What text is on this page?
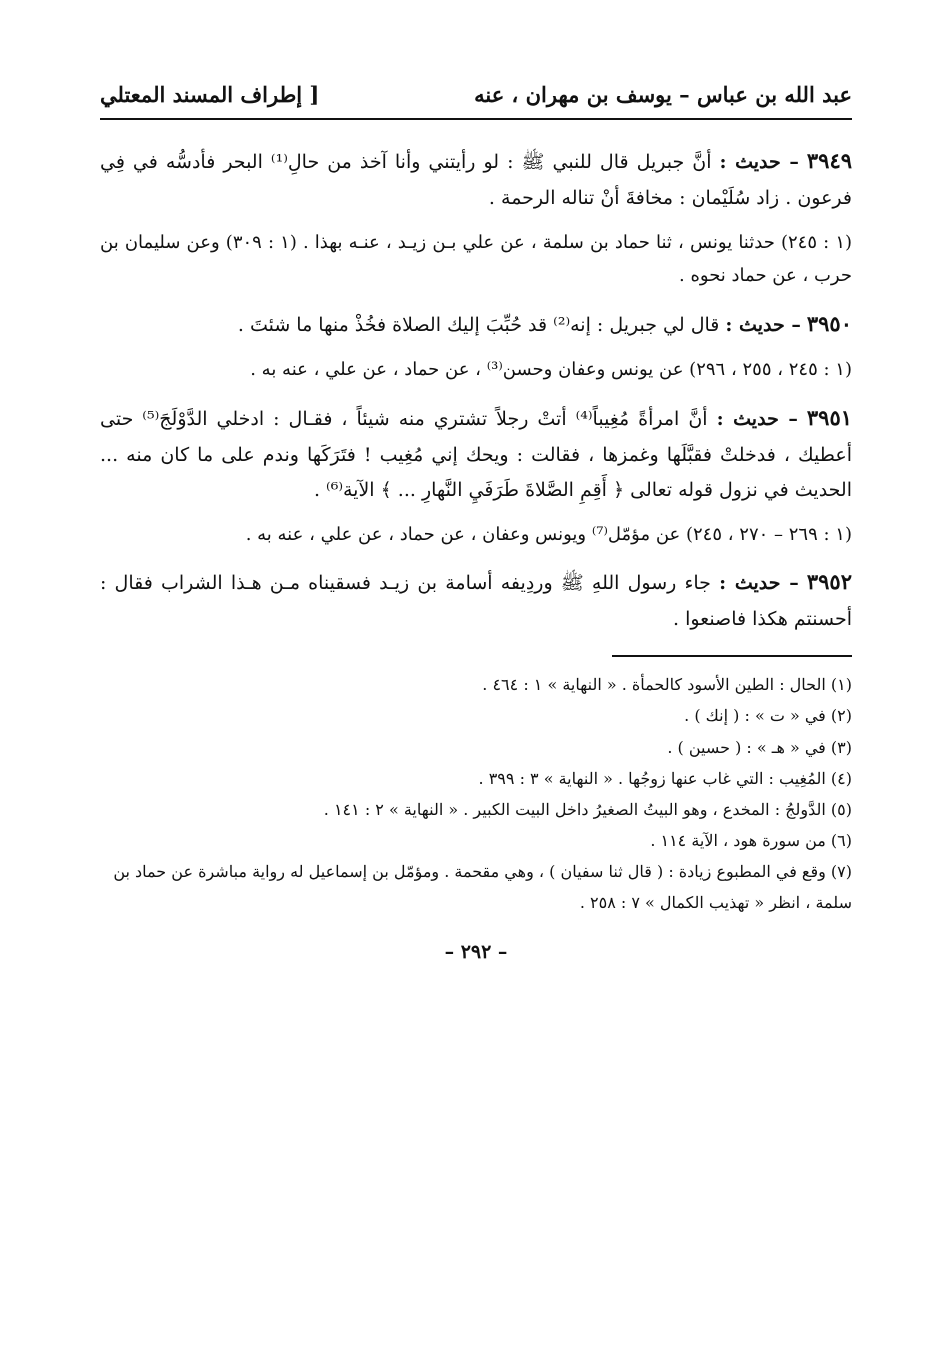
عبد الله بن عباس – يوسف بن مهران ، عنه
[ إطراف المسند المعتلي

٣٩٤٩ – حديث : أنَّ جبريل قال للنبي ﷺ : لو رأيتني وأنا آخذ من حالِ⁽¹⁾ البحر فأدسُّه في فِي فرعون . زاد سُلَيْمان : مخافةَ أنْ تناله الرحمة .

(١ : ٢٤٥) حدثنا يونس ، ثنا حماد بن سلمة ، عن علي بـن زيـد ، عنـه بهذا . (١ : ٣٠٩) وعن سليمان بن حرب ، عن حماد نحوه .

٣٩٥٠ – حديث : قال لي جبريل : إنه⁽²⁾ قد حُبِّبَ إليك الصلاة فخُذْ منها ما شئتَ .

(١ : ٢٤٥ ، ٢٥٥ ، ٢٩٦) عن يونس وعفان وحسن⁽³⁾ ، عن حماد ، عن علي ، عنه به .

٣٩٥١ – حديث : أنَّ امرأةً مُغِيباً⁽⁴⁾ أتتْ رجلاً تشتري منه شيئاً ، فقـال : ادخلي الدَّوْلَجَ⁽⁵⁾ حتى أعطيك ، فدخلتْ فقبَّلَها وغمزها ، فقالت : ويحك إني مُغِيب ! فتَرَكَها وندم على ما كان منه ... الحديث في نزول قوله تعالى ﴿ أَقِمِ الصَّلاةَ طَرَفَيِ النَّهارِ ... ﴾ الآية⁽⁶⁾ .

(١ : ٢٦٩ – ٢٧٠ ، ٢٤٥) عن مؤمّل⁽⁷⁾ ويونس وعفان ، عن حماد ، عن علي ، عنه به .

٣٩٥٢ – حديث : جاء رسول اللهِ ﷺ وردِيفه أسامة بن زيـد فسقيناه مـن هـذا الشراب فقال : أحسنتم هكذا فاصنعوا .

(١) الحال : الطين الأسود كالحمأة . « النهاية » ١ : ٤٦٤ .

(٢) في « ت » : ( إنك ) .

(٣) في « هـ » : ( حسين ) .

(٤) المُغِيب : التي غاب عنها زوجُها . « النهاية » ٣ : ٣٩٩ .

(٥) الدَّولجُ : المخدع ، وهو البيتُ الصغيرُ داخل البيت الكبير . « النهاية » ٢ : ١٤١ .

(٦) من سورة هود ، الآية ١١٤ .

(٧) وقع في المطبوع زيادة : ( قال ثنا سفيان ) ، وهي مقحمة . ومؤمّل بن إسماعيل له رواية مباشرة عن حماد بن سلمة ، انظر « تهذيب الكمال » ٧ : ٢٥٨ .

– ٢٩٢ –
